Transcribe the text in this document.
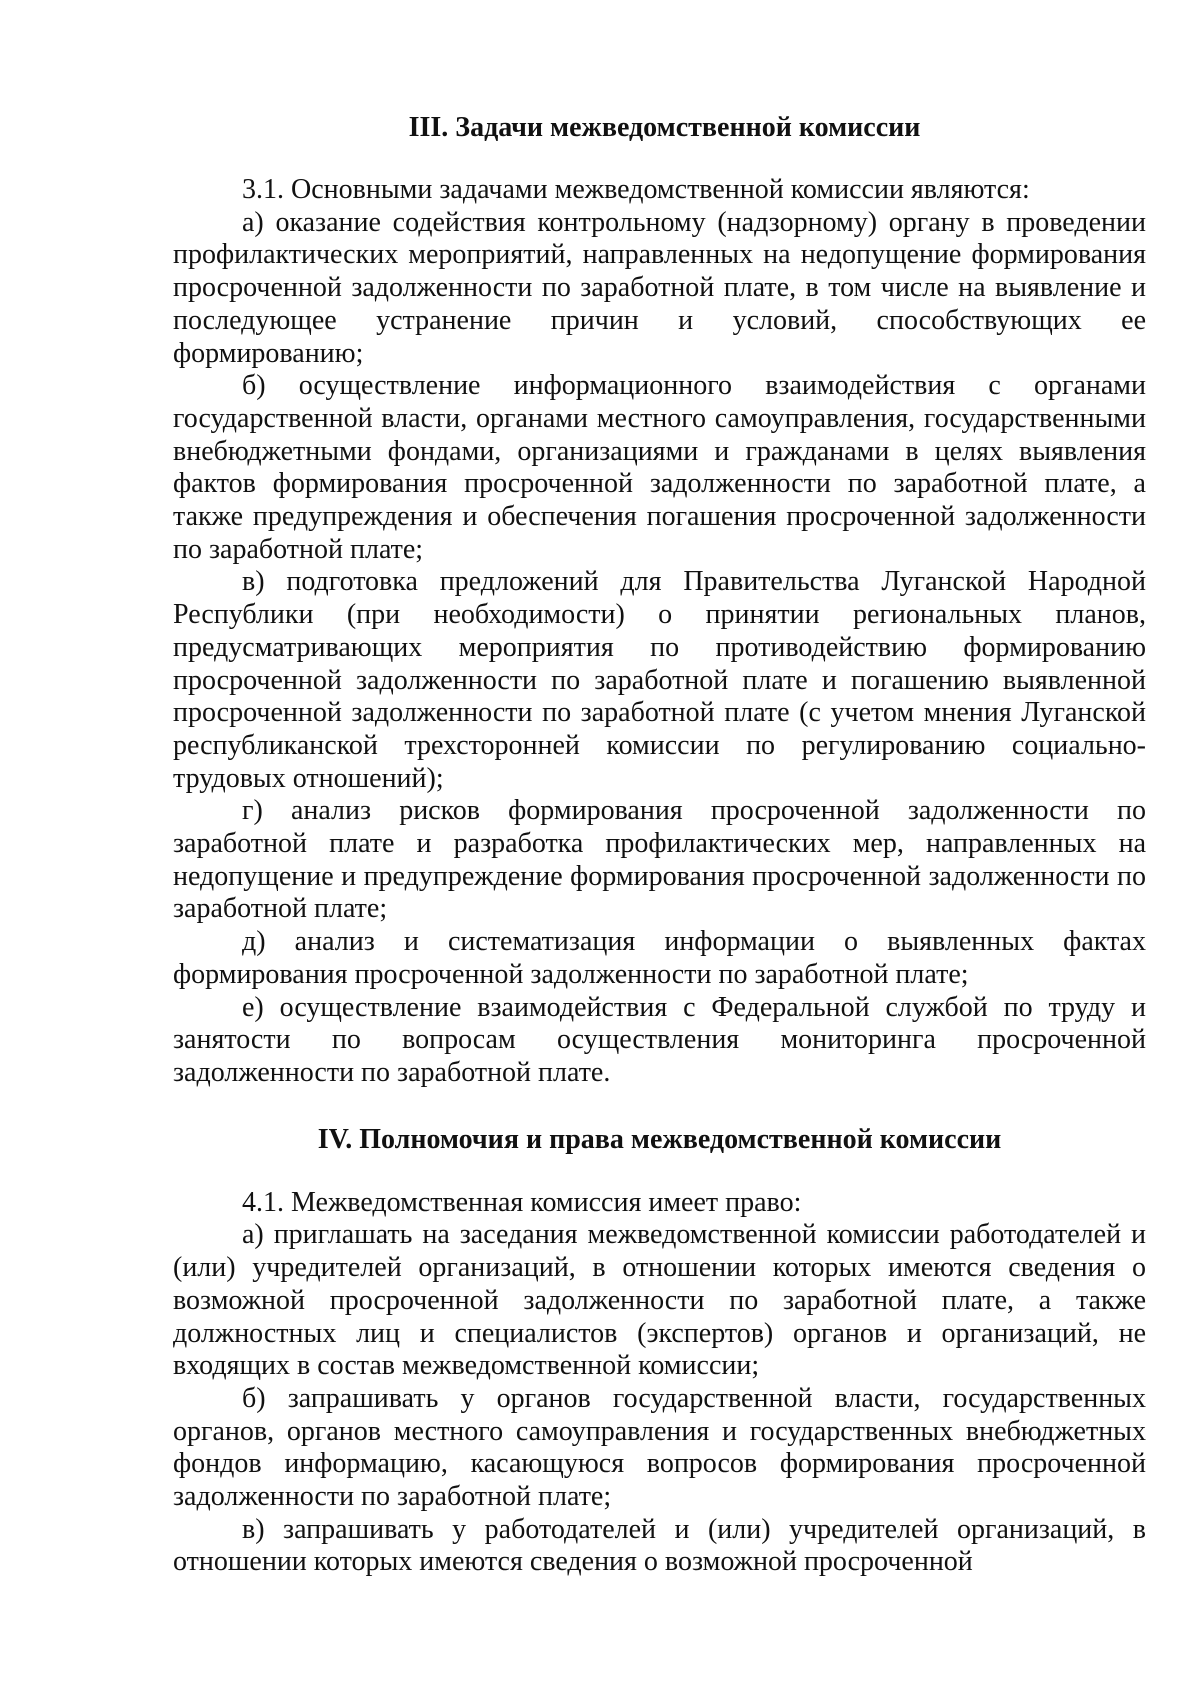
III. Задачи межведомственной комиссии

3.1. Основными задачами межведомственной комиссии являются:

а) оказание содействия контрольному (надзорному) органу в проведении профилактических мероприятий, направленных на недопущение формирования просроченной задолженности по заработной плате, в том числе на выявление и последующее устранение причин и условий, способствующих ее формированию;

б) осуществление информационного взаимодействия с органами государственной власти, органами местного самоуправления, государственными внебюджетными фондами, организациями и гражданами в целях выявления фактов формирования просроченной задолженности по заработной плате, а также предупреждения и обеспечения погашения просроченной задолженности по заработной плате;

в) подготовка предложений для Правительства Луганской Народной Республики (при необходимости) о принятии региональных планов, предусматривающих мероприятия по противодействию формированию просроченной задолженности по заработной плате и погашению выявленной просроченной задолженности по заработной плате (с учетом мнения Луганской республиканской трехсторонней комиссии по регулированию социально-трудовых отношений);

г) анализ рисков формирования просроченной задолженности по заработной плате и разработка профилактических мер, направленных на недопущение и предупреждение формирования просроченной задолженности по заработной плате;

д) анализ и систематизация информации о выявленных фактах формирования просроченной задолженности по заработной плате;

е) осуществление взаимодействия с Федеральной службой по труду и занятости по вопросам осуществления мониторинга просроченной задолженности по заработной плате.

IV. Полномочия и права межведомственной комиссии

4.1. Межведомственная комиссия имеет право:

а) приглашать на заседания межведомственной комиссии работодателей и (или) учредителей организаций, в отношении которых имеются сведения о возможной просроченной задолженности по заработной плате, а также должностных лиц и специалистов (экспертов) органов и организаций, не входящих в состав межведомственной комиссии;

б) запрашивать у органов государственной власти, государственных органов, органов местного самоуправления и государственных внебюджетных фондов информацию, касающуюся вопросов формирования просроченной задолженности по заработной плате;

в) запрашивать у работодателей и (или) учредителей организаций, в отношении которых имеются сведения о возможной просроченной
